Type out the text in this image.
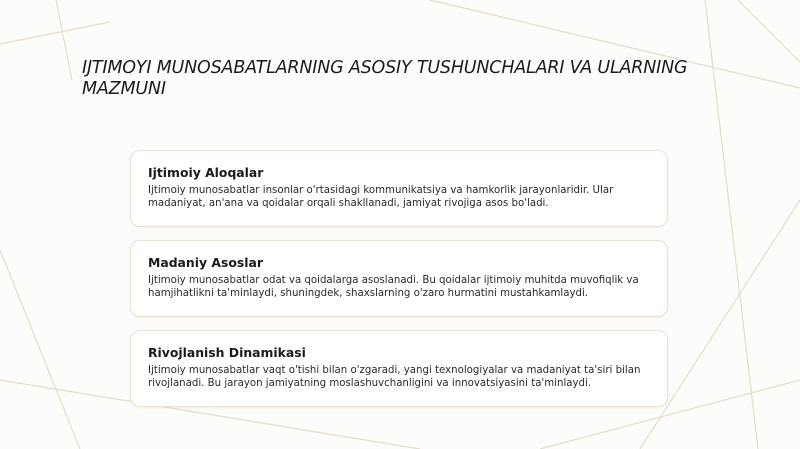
IJTIMOYI MUNOSABATLARNING ASOSIY TUSHUNCHALARI VA ULARNING MAZMUNI
Ijtimoiy Aloqalar

Ijtimoiy munosabatlar insonlar o'rtasidagi kommunikatsiya va hamkorlik jarayonlaridir. Ular madaniyat, an'ana va qoidalar orqali shakllanadi, jamiyat rivojiga asos bo'ladi.

Madaniy Asoslar

Ijtimoiy munosabatlar odat va qoidalarga asoslanadi. Bu qoidalar ijtimoiy muhitda muvofiqlik va hamjihatlikni ta'minlaydi, shuningdek, shaxslarning o'zaro hurmatini mustahkamlaydi.

Rivojlanish Dinamikasi

Ijtimoiy munosabatlar vaqt o'tishi bilan o'zgaradi, yangi texnologiyalar va madaniyat ta'siri bilan rivojlanadi. Bu jarayon jamiyatning moslashuvchanligini va innovatsiyasini ta'minlaydi.
